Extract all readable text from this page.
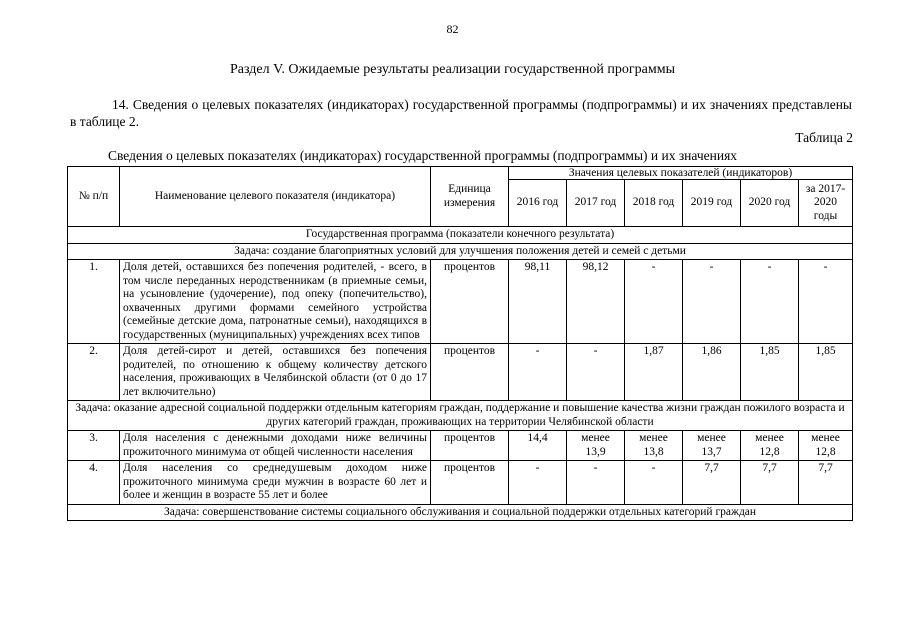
82
Раздел V. Ожидаемые результаты реализации государственной программы

14. Сведения о целевых показателях (индикаторах) государственной программы (подпрограммы) и их значениях представлены в таблице 2.

Таблица 2
Сведения о целевых показателях (индикаторах) государственной программы (подпрограммы) и их значениях
№ п/п	Наименование целевого показателя (индикатора)	Единица измерения	Значения целевых показателей (индикаторов)					
			2016 год	2017 год	2018 год	2019 год	2020 год	за 2017-2020 годы
Государственная программа (показатели конечного результата)								
Задача: создание благоприятных условий для улучшения положения детей и семей с детьми								
1.	Доля детей, оставшихся без попечения родителей, - всего, в том числе переданных неродственникам (в приемные семьи, на усыновление (удочерение), под опеку (попечительство), охваченных другими формами семейного устройства (семейные детские дома, патронатные семьи), находящихся в государственных (муниципальных) учреждениях всех типов	процентов	98,11	98,12	-	-	-	-
2.	Доля детей-сирот и детей, оставшихся без попечения родителей, по отношению к общему количеству детского населения, проживающих в Челябинской области (от 0 до 17 лет включительно)	процентов	-	-	1,87	1,86	1,85	1,85
Задача: оказание адресной социальной поддержки отдельным категориям граждан, поддержание и повышение качества жизни граждан пожилого возраста и других категорий граждан, проживающих на территории Челябинской области								
3.	Доля населения с денежными доходами ниже величины прожиточного минимума от общей численности населения	процентов	14,4	менее 13,9	менее 13,8	менее 13,7	менее 12,8	менее 12,8
4.	Доля населения со среднедушевым доходом ниже прожиточного минимума среди мужчин в возрасте 60 лет и более и женщин в возрасте 55 лет и более	процентов	-	-	-	7,7	7,7	7,7
Задача: совершенствование системы социального обслуживания и социальной поддержки отдельных категорий граждан								
